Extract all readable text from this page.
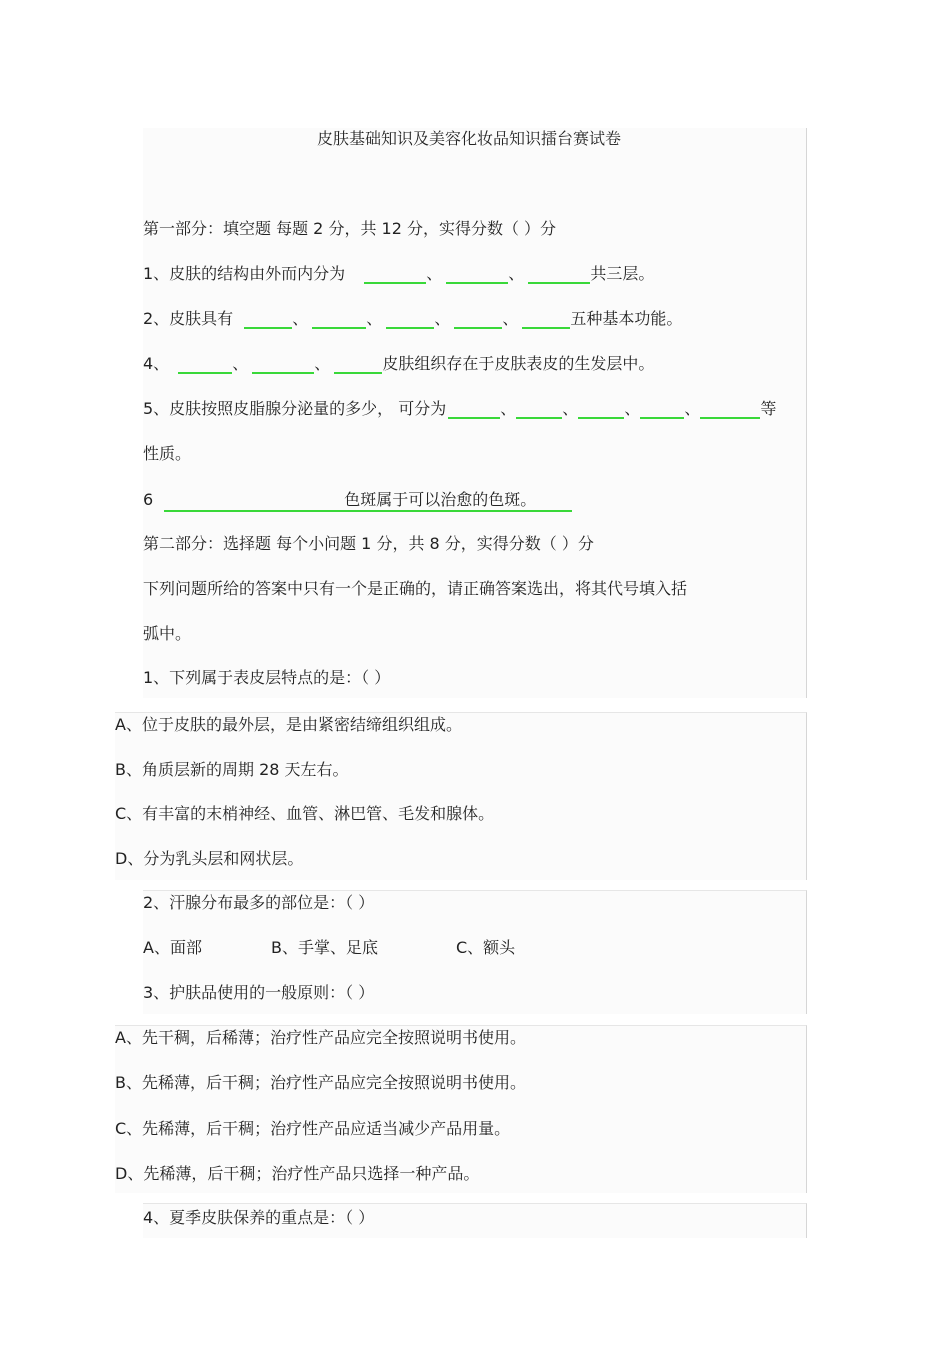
皮肤基础知识及美容化妆品知识擂台赛试卷
第一部分：填空题 每题 2 分，共 12 分，实得分数（ ）分
1、皮肤的结构由外而内分为	、	、	共三层。
2、皮肤具有	、	、	、	、	五种基本功能。
4、	、	、	皮肤组织存在于皮肤表皮的生发层中。
5、皮肤按照皮脂腺分泌量的多少， 可分为	、	、	、	、	等
性质。
6	色斑属于可以治愈的色斑。
第二部分：选择题 每个小问题 1 分，共 8 分，实得分数（ ）分
下列问题所给的答案中只有一个是正确的，请正确答案选出，将其代号填入括
弧中。
1、下列属于表皮层特点的是：（ ）
A、位于皮肤的最外层，是由紧密结缔组织组成。
B、角质层新的周期 28 天左右。
C、有丰富的末梢神经、血管、淋巴管、毛发和腺体。
D、分为乳头层和网状层。
2、汗腺分布最多的部位是：（ ）
A、面部	B、手掌、足底	C、额头
3、护肤品使用的一般原则：（ ）
A、先干稠，后稀薄；治疗性产品应完全按照说明书使用。
B、先稀薄，后干稠；治疗性产品应完全按照说明书使用。
C、先稀薄，后干稠；治疗性产品应适当减少产品用量。
D、先稀薄，后干稠；治疗性产品只选择一种产品。
4、夏季皮肤保养的重点是：（ ）
